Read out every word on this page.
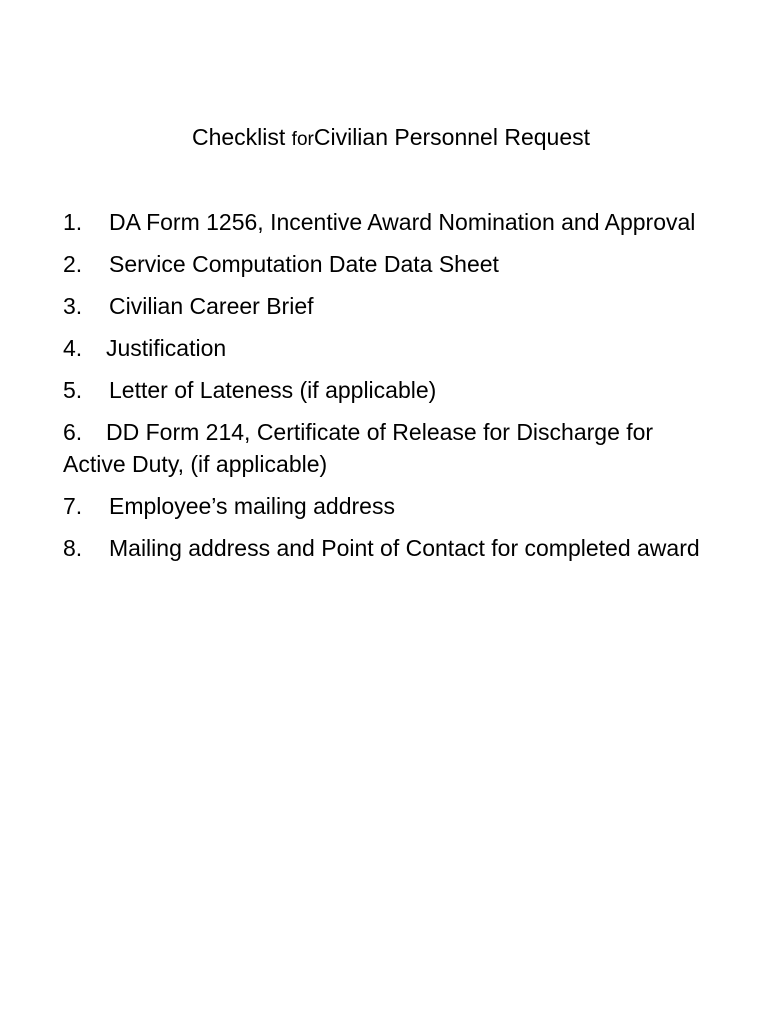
Checklist forCivilian Personnel Request
1. DA Form 1256, Incentive Award Nomination and Approval
2. Service Computation Date Data Sheet
3. Civilian Career Brief
4. Justification
5. Letter of Lateness (if applicable)
6. DD Form 214, Certificate of Release for Discharge for Active Duty, (if applicable)
7. Employee’s mailing address
8. Mailing address and Point of Contact for completed award
